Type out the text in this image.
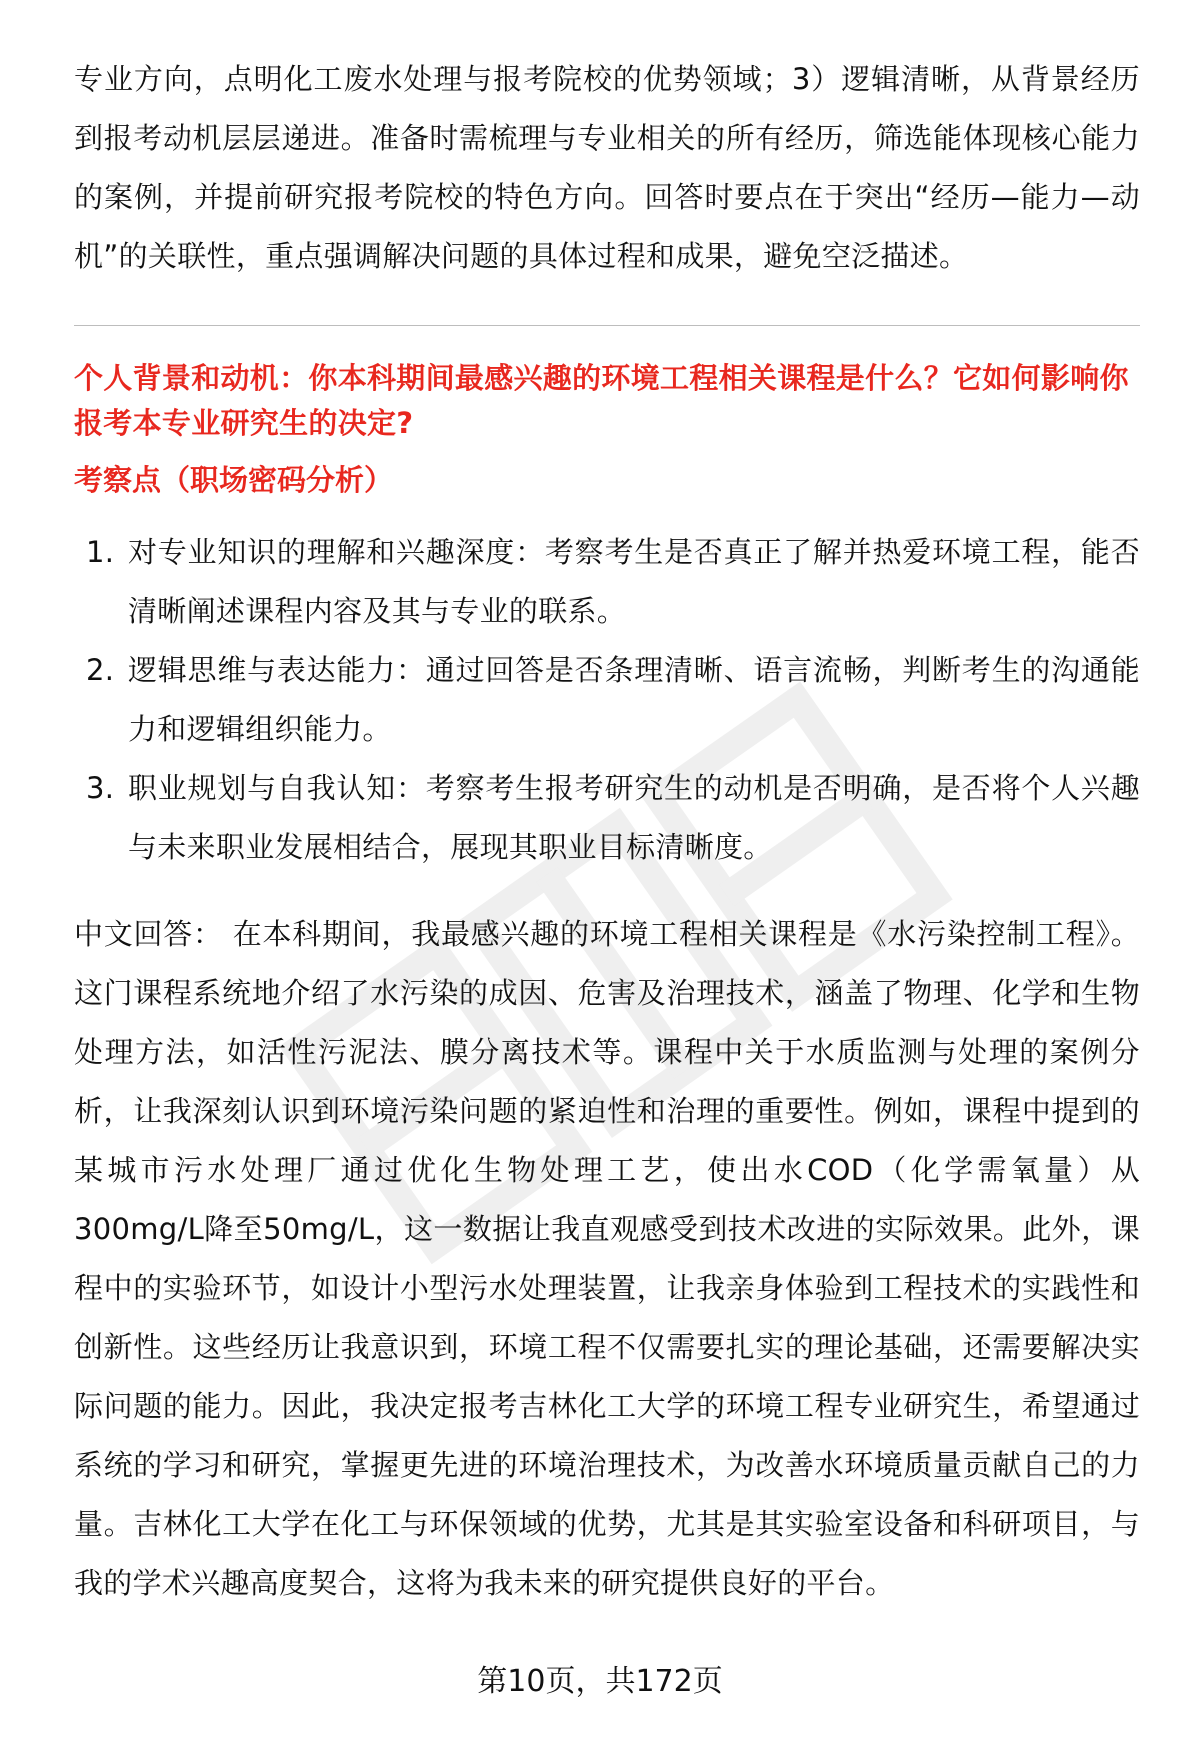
专业方向，点明化工废水处理与报考院校的优势领域；3）逻辑清晰，从背景经历到报考动机层层递进。准备时需梳理与专业相关的所有经历，筛选能体现核心能力的案例，并提前研究报考院校的特色方向。回答时要点在于突出“经历—能力—动机”的关联性，重点强调解决问题的具体过程和成果，避免空泛描述。

个人背景和动机：你本科期间最感兴趣的环境工程相关课程是什么？它如何影响你报考本专业研究生的决定?

考察点（职场密码分析）

1. 对专业知识的理解和兴趣深度：考察考生是否真正了解并热爱环境工程，能否清晰阐述课程内容及其与专业的联系。
2. 逻辑思维与表达能力：通过回答是否条理清晰、语言流畅，判断考生的沟通能力和逻辑组织能力。
3. 职业规划与自我认知：考察考生报考研究生的动机是否明确，是否将个人兴趣与未来职业发展相结合，展现其职业目标清晰度。

中文回答： 在本科期间，我最感兴趣的环境工程相关课程是《水污染控制工程》。这门课程系统地介绍了水污染的成因、危害及治理技术，涵盖了物理、化学和生物处理方法，如活性污泥法、膜分离技术等。课程中关于水质监测与处理的案例分析，让我深刻认识到环境污染问题的紧迫性和治理的重要性。例如，课程中提到的某城市污水处理厂通过优化生物处理工艺，使出水COD（化学需氧量）从300mg/L降至50mg/L，这一数据让我直观感受到技术改进的实际效果。此外，课程中的实验环节，如设计小型污水处理装置，让我亲身体验到工程技术的实践性和创新性。这些经历让我意识到，环境工程不仅需要扎实的理论基础，还需要解决实际问题的能力。因此，我决定报考吉林化工大学的环境工程专业研究生，希望通过系统的学习和研究，掌握更先进的环境治理技术，为改善水环境质量贡献自己的力量。吉林化工大学在化工与环保领域的优势，尤其是其实验室设备和科研项目，与我的学术兴趣高度契合，这将为我未来的研究提供良好的平台。

第10页，共172页
